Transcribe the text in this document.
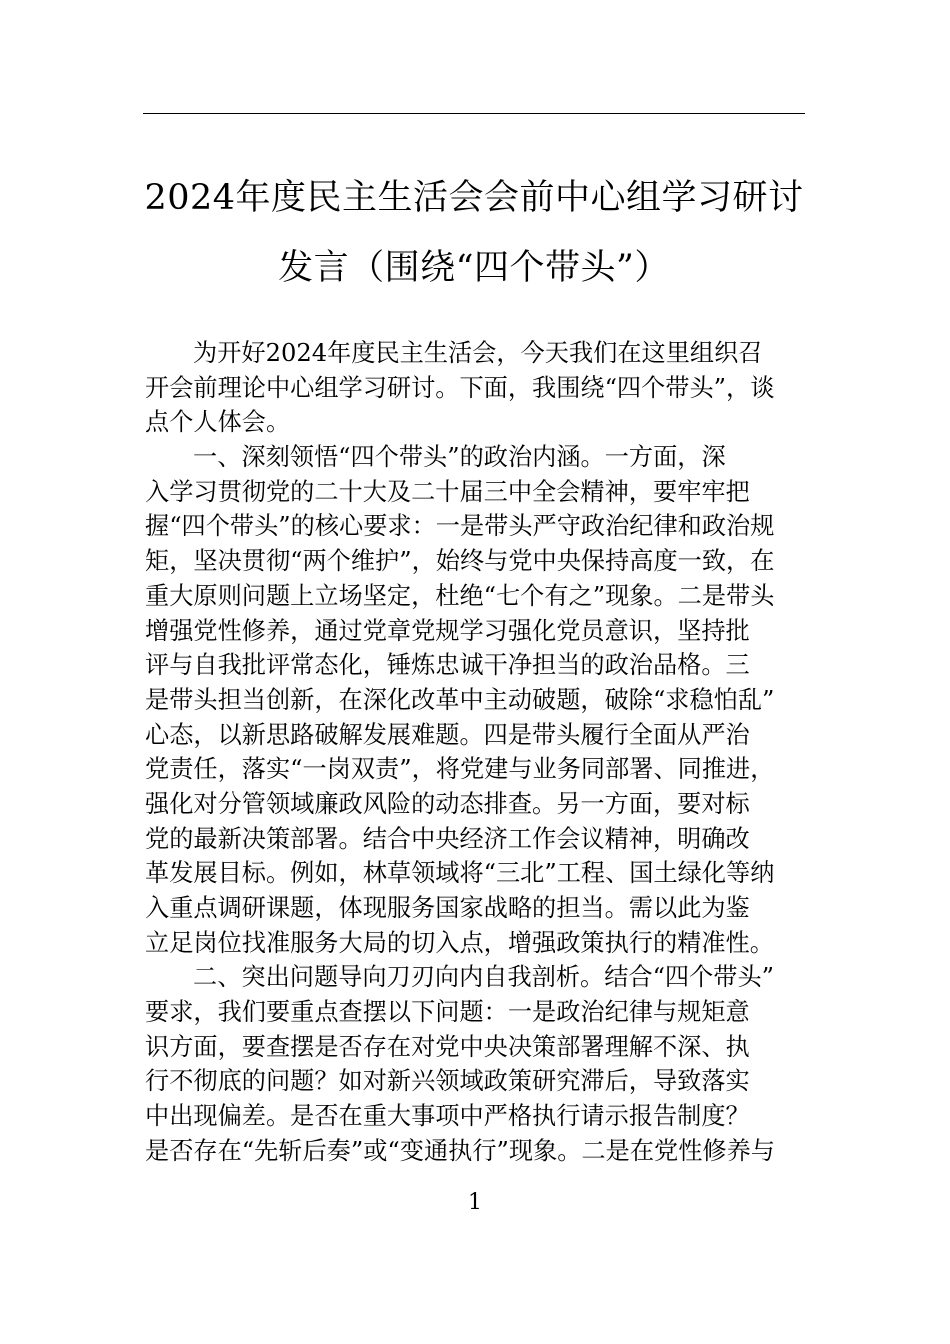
2024年度民主生活会会前中心组学习研讨
发言（围绕“四个带头”）
为开好2024年度民主生活会，今天我们在这里组织召
开会前理论中心组学习研讨。下面，我围绕“四个带头”，谈
点个人体会。
一、深刻领悟“四个带头”的政治内涵。一方面，深
入学习贯彻党的二十大及二十届三中全会精神，要牢牢把
握“四个带头”的核心要求：一是带头严守政治纪律和政治规
矩，坚决贯彻“两个维护”，始终与党中央保持高度一致，在
重大原则问题上立场坚定，杜绝“七个有之”现象。二是带头
增强党性修养，通过党章党规学习强化党员意识，坚持批
评与自我批评常态化，锤炼忠诚干净担当的政治品格。三
是带头担当创新，在深化改革中主动破题，破除“求稳怕乱”
心态，以新思路破解发展难题。四是带头履行全面从严治
党责任，落实“一岗双责”，将党建与业务同部署、同推进，
强化对分管领域廉政风险的动态排查。另一方面，要对标
党的最新决策部署。结合中央经济工作会议精神，明确改
革发展目标。例如，林草领域将“三北”工程、国土绿化等纳
入重点调研课题，体现服务国家战略的担当。需以此为鉴
立足岗位找准服务大局的切入点，增强政策执行的精准性。
二、突出问题导向刀刃向内自我剖析。结合“四个带头”
要求，我们要重点查摆以下问题：一是政治纪律与规矩意
识方面，要查摆是否存在对党中央决策部署理解不深、执
行不彻底的问题？如对新兴领域政策研究滞后，导致落实
中出现偏差。是否在重大事项中严格执行请示报告制度？
是否存在“先斩后奏”或“变通执行”现象。二是在党性修养与
1
